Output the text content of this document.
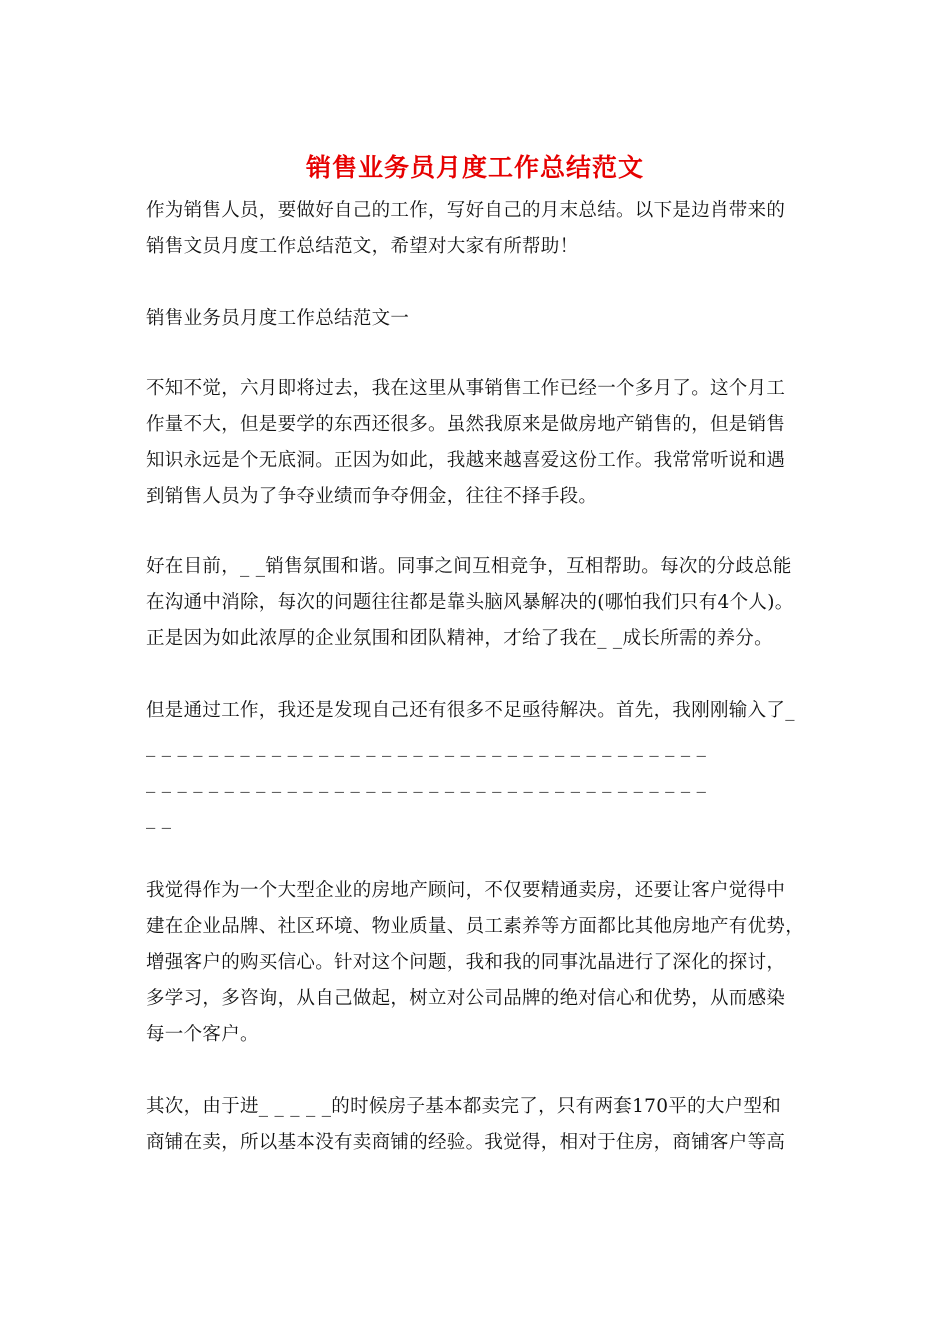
销售业务员月度工作总结范文
作为销售人员，要做好自己的工作，写好自己的月末总结。以下是边肖带来的
销售文员月度工作总结范文，希望对大家有所帮助！
销售业务员月度工作总结范文一
不知不觉，六月即将过去，我在这里从事销售工作已经一个多月了。这个月工
作量不大，但是要学的东西还很多。虽然我原来是做房地产销售的，但是销售
知识永远是个无底洞。正因为如此，我越来越喜爱这份工作。我常常听说和遇
到销售人员为了争夺业绩而争夺佣金，往往不择手段。
好在目前，_ _销售氛围和谐。同事之间互相竞争，互相帮助。每次的分歧总能
在沟通中消除，每次的问题往往都是靠头脑风暴解决的(哪怕我们只有4个人)。
正是因为如此浓厚的企业氛围和团队精神，才给了我在_ _成长所需的养分。
但是通过工作，我还是发现自己还有很多不足亟待解决。首先，我刚刚输入了_
_ _ _ _ _ _ _ _ _ _ _ _ _ _ _ _ _ _ _ _ _ _ _ _ _ _ _ _ _ _ _ _ _ _ _ _
_ _ _ _ _ _ _ _ _ _ _ _ _ _ _ _ _ _ _ _ _ _ _ _ _ _ _ _ _ _ _ _ _ _ _ _
_ _
我觉得作为一个大型企业的房地产顾问，不仅要精通卖房，还要让客户觉得中
建在企业品牌、社区环境、物业质量、员工素养等方面都比其他房地产有优势，
增强客户的购买信心。针对这个问题，我和我的同事沈晶进行了深化的探讨，
多学习，多咨询，从自己做起，树立对公司品牌的绝对信心和优势，从而感染
每一个客户。
其次，由于进_ _ _ _ _的时候房子基本都卖完了，只有两套170平的大户型和
商铺在卖，所以基本没有卖商铺的经验。我觉得，相对于住房，商铺客户等高
